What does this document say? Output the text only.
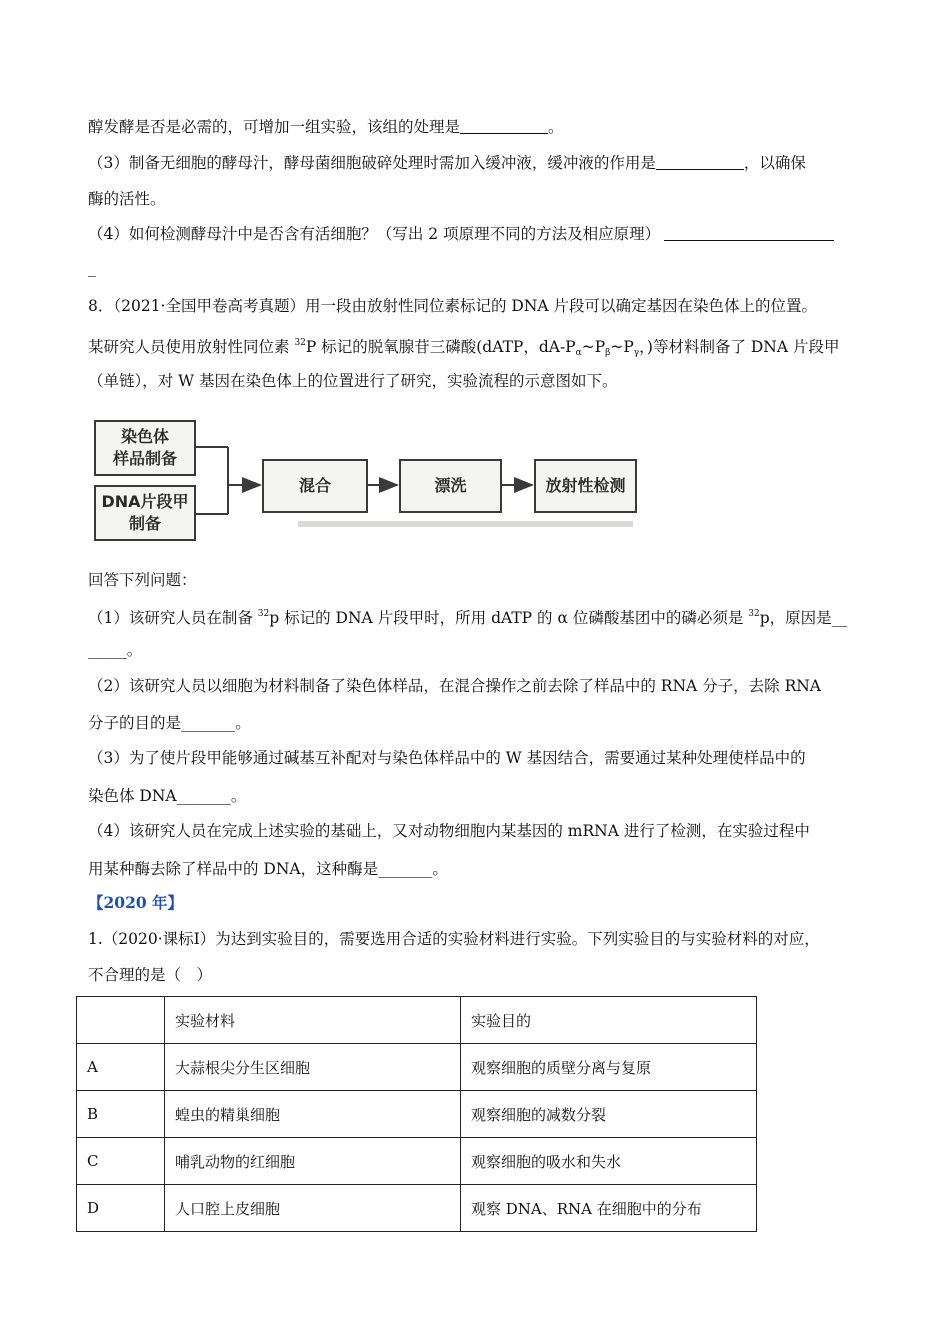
醇发酵是否是必需的，可增加一组实验，该组的处理是	。
（3）制备无细胞的酵母汁，酵母菌细胞破碎处理时需加入缓冲液，缓冲液的作用是	，以确保
酶的活性。
（4）如何检测酵母汁中是否含有活细胞？（写出 2 项原理不同的方法及相应原理）
_
8．（2021·全国甲卷高考真题）用一段由放射性同位素标记的 DNA 片段可以确定基因在染色体上的位置。
某研究人员使用放射性同位素 $^{32}$P 标记的脱氧腺苷三磷酸(dATP，$dA-P_\alpha\sim P_\beta\sim P_\gamma$，)等材料制备了 DNA 片段甲
（单链），对 W 基因在染色体上的位置进行了研究，实验流程的示意图如下。
染色体
样品制备
DNA片段甲
制备
混合	漂洗	放射性检测
回答下列问题：
（1）该研究人员在制备 $^{32}$p 标记的 DNA 片段甲时，所用 dATP 的 α 位磷酸基团中的磷必须是 $^{32}$p，原因是__
_____。
（2）该研究人员以细胞为材料制备了染色体样品，在混合操作之前去除了样品中的 RNA 分子，去除 RNA
分子的目的是_______。
（3）为了使片段甲能够通过碱基互补配对与染色体样品中的 W 基因结合，需要通过某种处理使样品中的
染色体 DNA_______。
（4）该研究人员在完成上述实验的基础上，又对动物细胞内某基因的 mRNA 进行了检测，在实验过程中
用某种酶去除了样品中的 DNA，这种酶是_______。
【2020 年】
1.（2020·课标Ⅰ）为达到实验目的，需要选用合适的实验材料进行实验。下列实验目的与实验材料的对应，
不合理的是（　）
	实验材料	实验目的
A	大蒜根尖分生区细胞	观察细胞的质壁分离与复原
B	蝗虫的精巢细胞	观察细胞的减数分裂
C	哺乳动物的红细胞	观察细胞的吸水和失水
D	人口腔上皮细胞	观察 DNA、RNA 在细胞中的分布
